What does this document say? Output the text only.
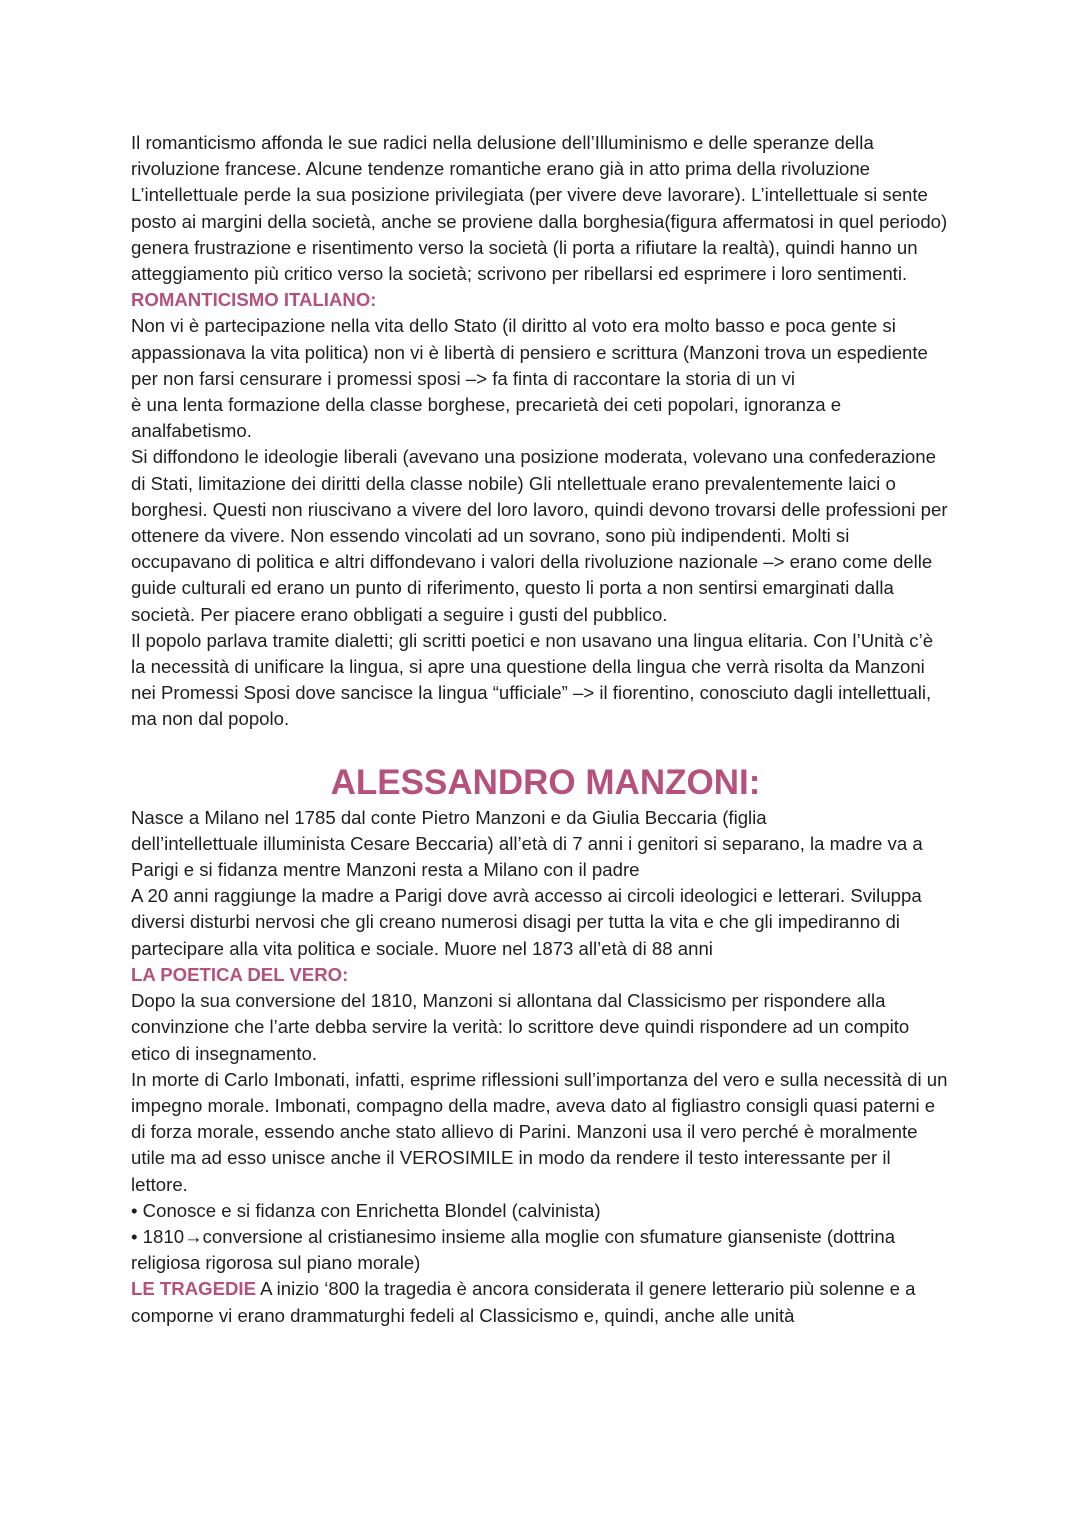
Il romanticismo affonda le sue radici nella delusione dell’Illuminismo e delle speranze della rivoluzione francese. Alcune tendenze romantiche erano già in atto prima della rivoluzione
L’intellettuale perde la sua posizione privilegiata (per vivere deve lavorare). L’intellettuale si sente posto ai margini della società, anche se proviene dalla borghesia(figura affermatosi in quel periodo) genera frustrazione e risentimento verso la società (li porta a rifiutare la realtà), quindi hanno un atteggiamento più critico verso la società; scrivono per ribellarsi ed esprimere i loro sentimenti.

ROMANTICISMO ITALIANO:

Non vi è partecipazione nella vita dello Stato (il diritto al voto era molto basso e poca gente si appassionava la vita politica) non vi è libertà di pensiero e scrittura (Manzoni trova un espediente per non farsi censurare i promessi sposi –> fa finta di raccontare la storia di un vi
è una lenta formazione della classe borghese, precarietà dei ceti popolari, ignoranza e analfabetismo.

Si diffondono le ideologie liberali (avevano una posizione moderata, volevano una confederazione di Stati, limitazione dei diritti della classe nobile) Gli ntellettuale erano prevalentemente laici o borghesi. Questi non riuscivano a vivere del loro lavoro, quindi devono trovarsi delle professioni per ottenere da vivere. Non essendo vincolati ad un sovrano, sono più indipendenti. Molti si occupavano di politica e altri diffondevano i valori della rivoluzione nazionale –> erano come delle guide culturali ed erano un punto di riferimento, questo li porta a non sentirsi emarginati dalla società. Per piacere erano obbligati a seguire i gusti del pubblico.

Il popolo parlava tramite dialetti; gli scritti poetici e non usavano una lingua elitaria. Con l’Unità c’è la necessità di unificare la lingua, si apre una questione della lingua che verrà risolta da Manzoni nei Promessi Sposi dove sancisce la lingua “ufficiale” –> il fiorentino, conosciuto dagli intellettuali, ma non dal popolo.

ALESSANDRO MANZONI:

Nasce a Milano nel 1785 dal conte Pietro Manzoni e da Giulia Beccaria (figlia
dell’intellettuale illuminista Cesare Beccaria) all’età di 7 anni i genitori si separano, la madre va a Parigi e si fidanza mentre Manzoni resta a Milano con il padre

A 20 anni raggiunge la madre a Parigi dove avrà accesso ai circoli ideologici e letterari. Sviluppa diversi disturbi nervosi che gli creano numerosi disagi per tutta la vita e che gli impediranno di partecipare alla vita politica e sociale. Muore nel 1873 all’età di 88 anni

LA POETICA DEL VERO:

Dopo la sua conversione del 1810, Manzoni si allontana dal Classicismo per rispondere alla convinzione che l’arte debba servire la verità: lo scrittore deve quindi rispondere ad un compito etico di insegnamento.

In morte di Carlo Imbonati, infatti, esprime riflessioni sull’importanza del vero e sulla necessità di un impegno morale. Imbonati, compagno della madre, aveva dato al figliastro consigli quasi paterni e di forza morale, essendo anche stato allievo di Parini. Manzoni usa il vero perché è moralmente utile ma ad esso unisce anche il VEROSIMILE in modo da rendere il testo interessante per il lettore.

• Conosce e si fidanza con Enrichetta Blondel (calvinista)

• 1810→conversione al cristianesimo insieme alla moglie con sfumature gianseniste (dottrina religiosa rigorosa sul piano morale)

LE TRAGEDIE A inizio ‘800 la tragedia è ancora considerata il genere letterario più solenne e a comporne vi erano drammaturghi fedeli al Classicismo e, quindi, anche alle unità
